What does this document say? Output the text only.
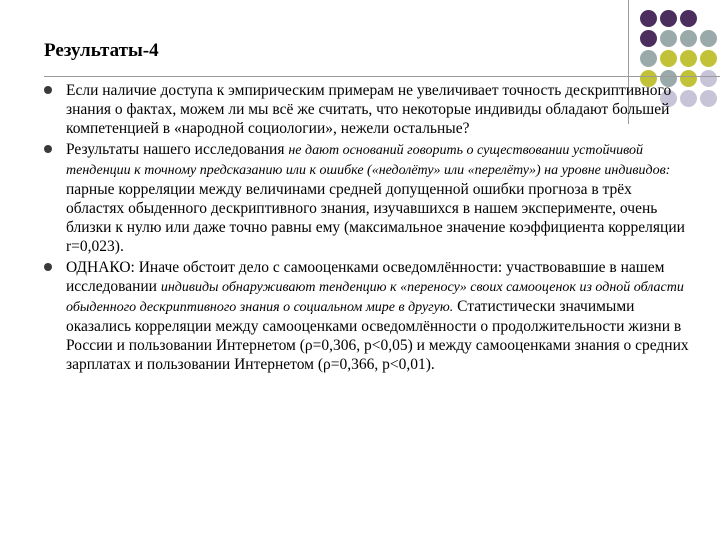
Результаты-4
Если наличие доступа к эмпирическим примерам не увеличивает точность дескриптивного знания о фактах, можем ли мы всё же считать, что некоторые индивиды обладают большей компетенцией в «народной социологии», нежели остальные?
Результаты нашего исследования не дают оснований говорить о существовании устойчивой тенденции к точному предсказанию или к ошибке («недолёту» или «перелёту») на уровне индивидов: парные корреляции между величинами средней допущенной ошибки прогноза в трёх областях обыденного дескриптивного знания, изучавшихся в нашем эксперименте, очень близки к нулю или даже точно равны ему (максимальное значение коэффициента корреляции r=0,023).
ОДНАКО: Иначе обстоит дело с самооценками осведомлённости: участвовавшие в нашем исследовании индивиды обнаруживают тенденцию к «переносу» своих самооценок из одной области обыденного дескриптивного знания о социальном мире в другую. Статистически значимыми оказались корреляции между самооценками осведомлённости о продолжительности жизни в России и пользовании Интернетом (ρ=0,306, р<0,05) и между самооценками знания о средних зарплатах и пользовании Интернетом (ρ=0,366, р<0,01).
